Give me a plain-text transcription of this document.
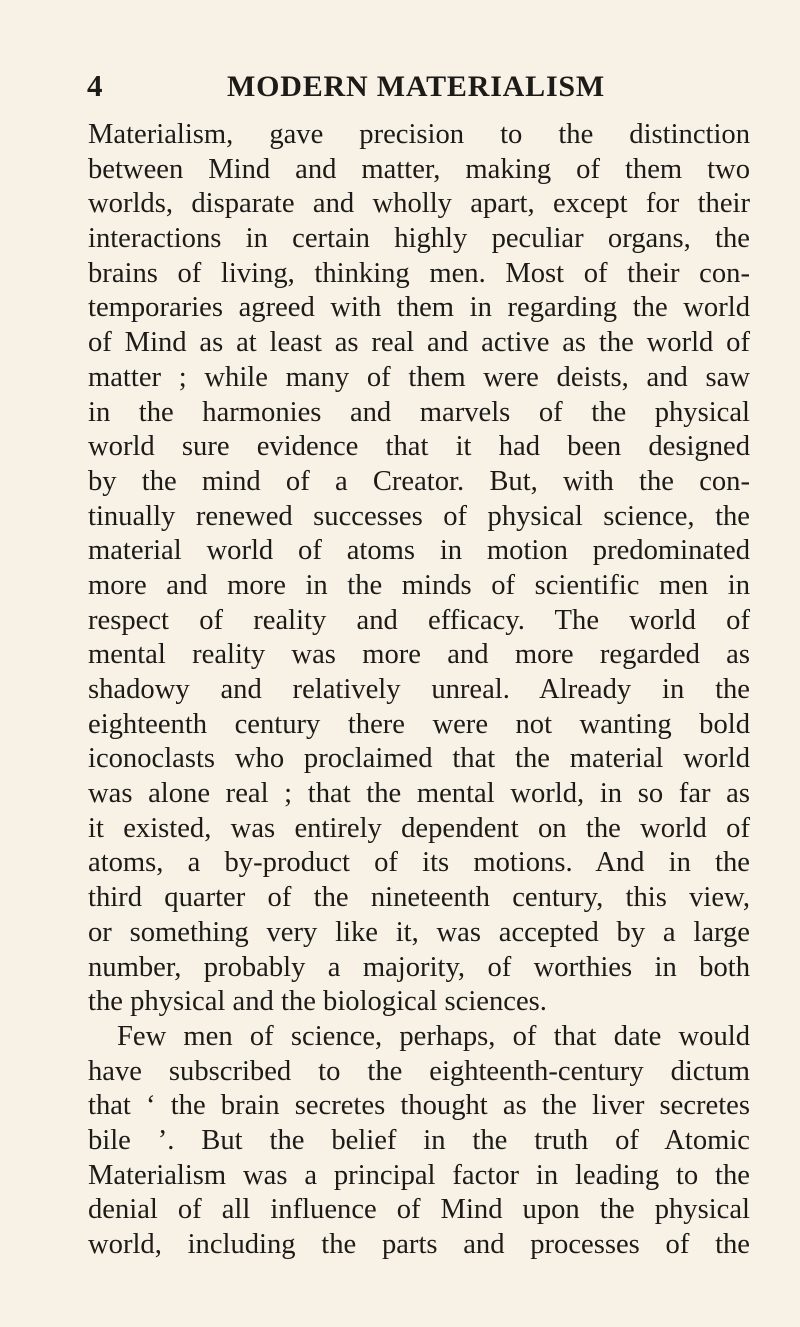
4	MODERN MATERIALISM
Materialism, gave precision to the distinction
between Mind and matter, making of them two
worlds, disparate and wholly apart, except for their
interactions in certain highly peculiar organs, the
brains of living, thinking men. Most of their con-
temporaries agreed with them in regarding the world
of Mind as at least as real and active as the world of
matter ; while many of them were deists, and saw
in the harmonies and marvels of the physical
world sure evidence that it had been designed
by the mind of a Creator. But, with the con-
tinually renewed successes of physical science, the
material world of atoms in motion predominated
more and more in the minds of scientific men in
respect of reality and efficacy. The world of
mental reality was more and more regarded as
shadowy and relatively unreal. Already in the
eighteenth century there were not wanting bold
iconoclasts who proclaimed that the material world
was alone real ; that the mental world, in so far as
it existed, was entirely dependent on the world of
atoms, a by-product of its motions. And in the
third quarter of the nineteenth century, this view,
or something very like it, was accepted by a large
number, probably a majority, of worthies in both
the physical and the biological sciences.
Few men of science, perhaps, of that date would
have subscribed to the eighteenth-century dictum
that ‘ the brain secretes thought as the liver secretes
bile ’. But the belief in the truth of Atomic
Materialism was a principal factor in leading to the
denial of all influence of Mind upon the physical
world, including the parts and processes of the
